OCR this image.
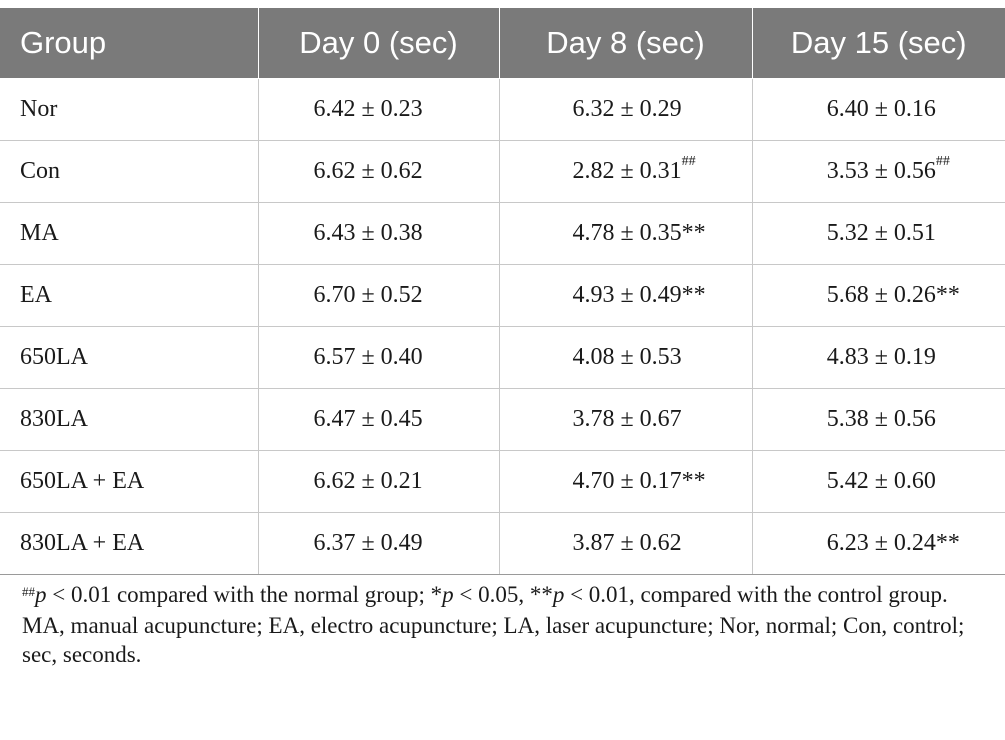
Group	Day 0 (sec)	Day 8 (sec)	Day 15 (sec)
Nor	6.42 ± 0.23	6.32 ± 0.29	6.40 ± 0.16
Con	6.62 ± 0.62	2.82 ± 0.31##	3.53 ± 0.56##
MA	6.43 ± 0.38	4.78 ± 0.35**	5.32 ± 0.51
EA	6.70 ± 0.52	4.93 ± 0.49**	5.68 ± 0.26**
650LA	6.57 ± 0.40	4.08 ± 0.53	4.83 ± 0.19
830LA	6.47 ± 0.45	3.78 ± 0.67	5.38 ± 0.56
650LA + EA	6.62 ± 0.21	4.70 ± 0.17**	5.42 ± 0.60
830LA + EA	6.37 ± 0.49	3.87 ± 0.62	6.23 ± 0.24**

##p < 0.01 compared with the normal group; *p < 0.05, **p < 0.01, compared with the control group.

MA, manual acupuncture; EA, electro acupuncture; LA, laser acupuncture; Nor, normal; Con, control; sec, seconds.
